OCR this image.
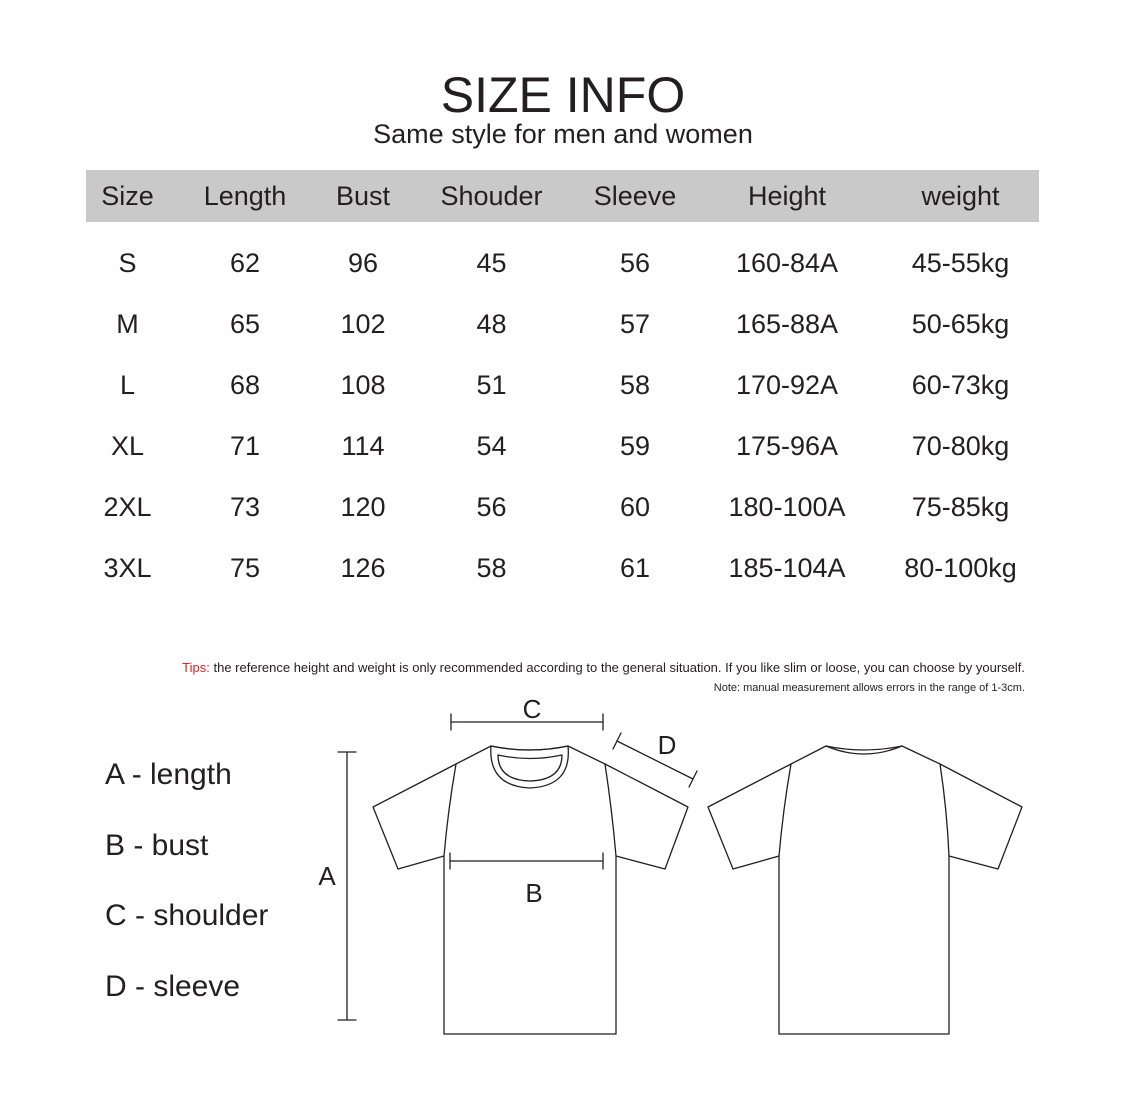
SIZE INFO
Same style for men and women
Size	Length	Bust	Shouder	Sleeve	Height	weight
S	62	96	45	56	160-84A	45-55kg
M	65	102	48	57	165-88A	50-65kg
L	68	108	51	58	170-92A	60-73kg
XL	71	114	54	59	175-96A	70-80kg
2XL	73	120	56	60	180-100A	75-85kg
3XL	75	126	58	61	185-104A	80-100kg
Tips: the reference height and weight is only recommended according to the general situation. If you like slim or loose, you can choose by yourself.
Note: manual measurement allows errors in the range of 1-3cm.
A - length
B - bust
C - shoulder
D - sleeve
A
B
C
D
